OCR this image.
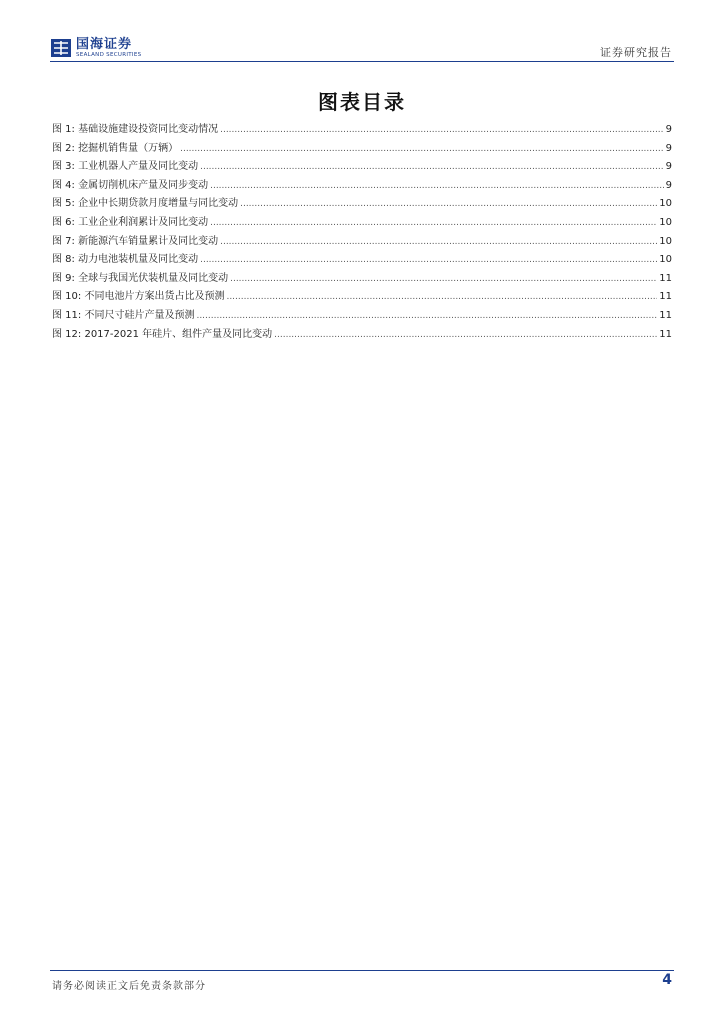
国海证券
SEALAND SECURITIES	证券研究报告
图表目录
图 1: 基础设施建设投资同比变动情况 .....	9
图 2: 挖掘机销售量（万辆） .....	9
图 3: 工业机器人产量及同比变动 .....	9
图 4: 金属切削机床产量及同步变动 .....	9
图 5: 企业中长期贷款月度增量与同比变动 .....	10
图 6: 工业企业利润累计及同比变动 .....	10
图 7: 新能源汽车销量累计及同比变动 .....	10
图 8: 动力电池装机量及同比变动 .....	10
图 9: 全球与我国光伏装机量及同比变动 .....	11
图 10: 不同电池片方案出货占比及预测 .....	11
图 11: 不同尺寸硅片产量及预测 .....	11
图 12: 2017-2021 年硅片、组件产量及同比变动 .....	11
请务必阅读正文后免责条款部分	4
